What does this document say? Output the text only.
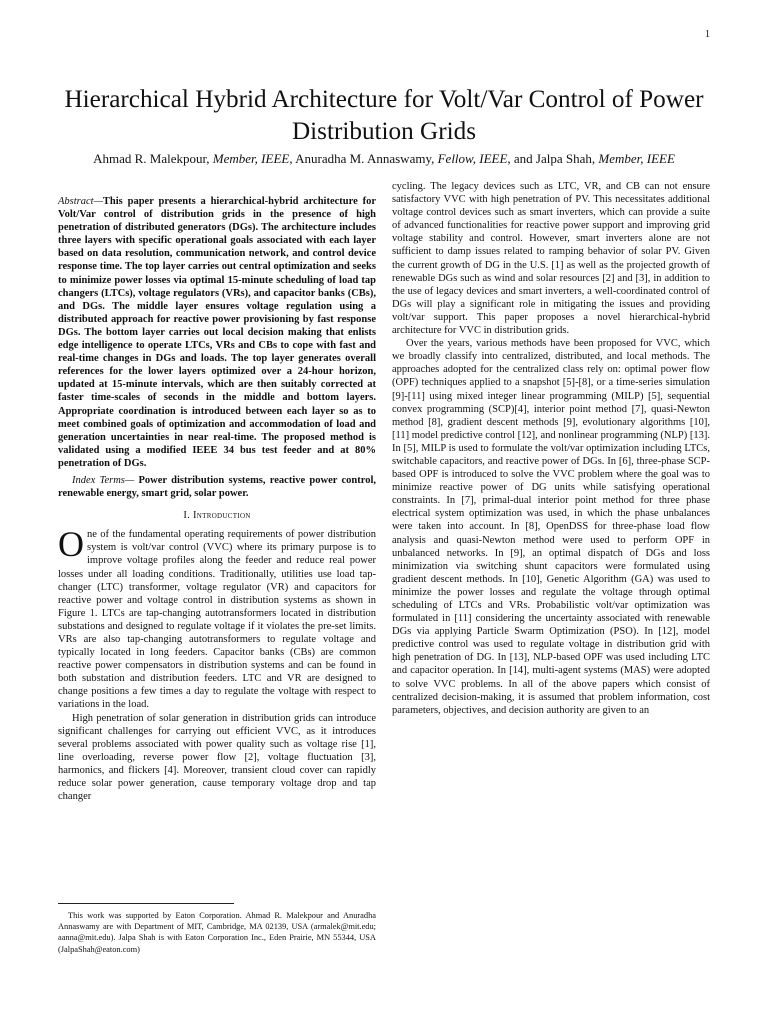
1
Hierarchical Hybrid Architecture for Volt/Var Control of Power Distribution Grids
Ahmad R. Malekpour, Member, IEEE, Anuradha M. Annaswamy, Fellow, IEEE, and Jalpa Shah, Member, IEEE

Abstract—This paper presents a hierarchical-hybrid architecture for Volt/Var control of distribution grids in the presence of high penetration of distributed generators (DGs). The architecture includes three layers with specific operational goals associated with each layer based on data resolution, communication network, and control device response time. The top layer carries out central optimization and seeks to minimize power losses via optimal 15-minute scheduling of load tap changers (LTCs), voltage regulators (VRs), and capacitor banks (CBs), and DGs. The middle layer ensures voltage regulation using a distributed approach for reactive power provisioning by fast response DGs. The bottom layer carries out local decision making that enlists edge intelligence to operate LTCs, VRs and CBs to cope with fast and real-time changes in DGs and loads. The top layer generates overall references for the lower layers optimized over a 24-hour horizon, updated at 15-minute intervals, which are then suitably corrected at faster time-scales of seconds in the middle and bottom layers. Appropriate coordination is introduced between each layer so as to meet combined goals of optimization and accommodation of load and generation uncertainties in near real-time. The proposed method is validated using a modified IEEE 34 bus test feeder and at 80% penetration of DGs.

Index Terms— Power distribution systems, reactive power control, renewable energy, smart grid, solar power.

I. Introduction

One of the fundamental operating requirements of power distribution system is volt/var control (VVC) where its primary purpose is to improve voltage profiles along the feeder and reduce real power losses under all loading conditions. Traditionally, utilities use load tap-changer (LTC) transformer, voltage regulator (VR) and capacitors for reactive power and voltage control in distribution systems as shown in Figure 1. LTCs are tap-changing autotransformers located in distribution substations and designed to regulate voltage if it violates the pre-set limits. VRs are also tap-changing autotransformers to regulate voltage and typically located in long feeders. Capacitor banks (CBs) are common reactive power compensators in distribution systems and can be found in both substation and distribution feeders. LTC and VR are designed to change positions a few times a day to regulate the voltage with respect to variations in the load.

High penetration of solar generation in distribution grids can introduce significant challenges for carrying out efficient VVC, as it introduces several problems associated with power quality such as voltage rise [1], line overloading, reverse power flow [2], voltage fluctuation [3], harmonics, and flickers [4]. Moreover, transient cloud cover can rapidly reduce solar power generation, cause temporary voltage drop and tap changer

cycling. The legacy devices such as LTC, VR, and CB can not ensure satisfactory VVC with high penetration of PV. This necessitates additional voltage control devices such as smart inverters, which can provide a suite of advanced functionalities for reactive power support and improving grid voltage stability and control. However, smart inverters alone are not sufficient to damp issues related to ramping behavior of solar PV. Given the current growth of DG in the U.S. [1] as well as the projected growth of renewable DGs such as wind and solar resources [2] and [3], in addition to the use of legacy devices and smart inverters, a well-coordinated control of DGs will play a significant role in mitigating the issues and providing volt/var support. This paper proposes a novel hierarchical-hybrid architecture for VVC in distribution grids.

Over the years, various methods have been proposed for VVC, which we broadly classify into centralized, distributed, and local methods. The approaches adopted for the centralized class rely on: optimal power flow (OPF) techniques applied to a snapshot [5]-[8], or a time-series simulation [9]-[11] using mixed integer linear programming (MILP) [5], sequential convex programming (SCP)[4], interior point method [7], quasi-Newton method [8], gradient descent methods [9], evolutionary algorithms [10], [11] model predictive control [12], and nonlinear programming (NLP) [13]. In [5], MILP is used to formulate the volt/var optimization including LTCs, switchable capacitors, and reactive power of DGs. In [6], three-phase SCP-based OPF is introduced to solve the VVC problem where the goal was to minimize reactive power of DG units while satisfying operational constraints. In [7], primal-dual interior point method for three phase electrical system optimization was used, in which the phase unbalances were taken into account. In [8], OpenDSS for three-phase load flow analysis and quasi-Newton method were used to perform OPF in unbalanced networks. In [9], an optimal dispatch of DGs and loss minimization via switching shunt capacitors were formulated using gradient descent methods. In [10], Genetic Algorithm (GA) was used to minimize the power losses and regulate the voltage through optimal scheduling of LTCs and VRs. Probabilistic volt/var optimization was formulated in [11] considering the uncertainty associated with renewable DGs via applying Particle Swarm Optimization (PSO). In [12], model predictive control was used to regulate voltage in distribution grid with high penetration of DG. In [13], NLP-based OPF was used including LTC and capacitor operation. In [14], multi-agent systems (MAS) were adopted to solve VVC problems. In all of the above papers which consist of centralized decision-making, it is assumed that problem information, cost parameters, objectives, and decision authority are given to an

This work was supported by Eaton Corporation. Ahmad R. Malekpour and Anuradha Annaswamy are with Department of MIT, Cambridge, MA 02139, USA (armalek@mit.edu; aanna@mit.edu). Jalpa Shah is with Eaton Corporation Inc., Eden Prairie, MN 55344, USA (JalpaShah@eaton.com)
